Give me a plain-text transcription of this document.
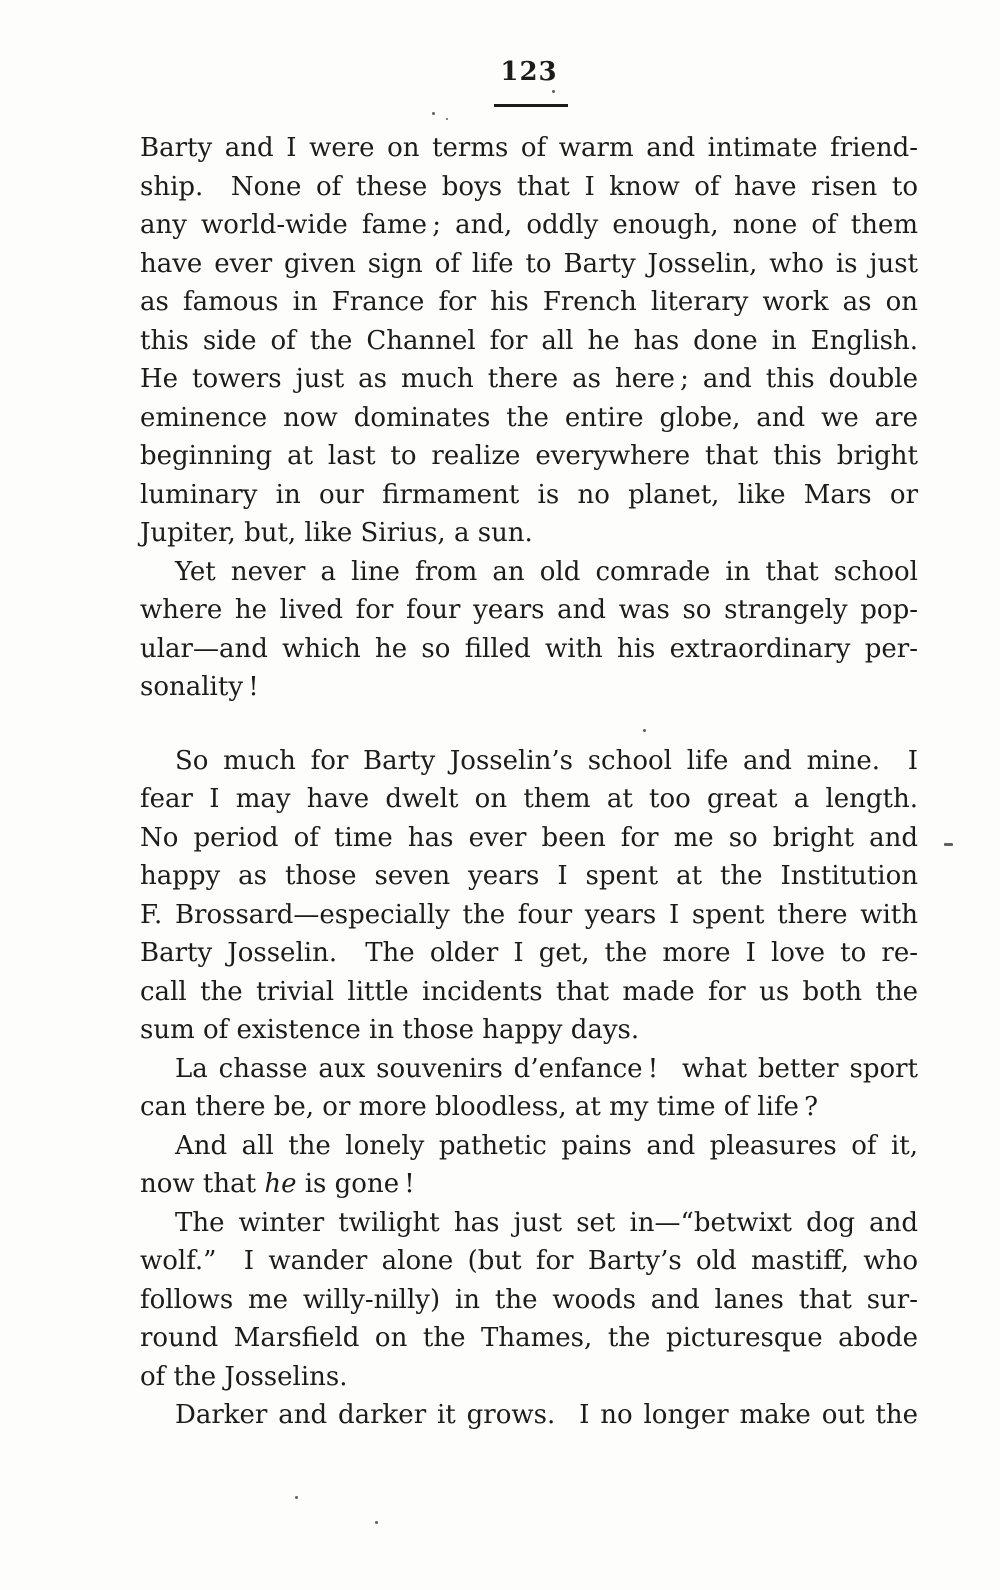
123
Barty and I were on terms of warm and intimate friend-
ship.  None of these boys that I know of have risen to
any world-wide fame ; and, oddly enough, none of them
have ever given sign of life to Barty Josselin, who is just
as famous in France for his French literary work as on
this side of the Channel for all he has done in English.
He towers just as much there as here ; and this double
eminence now dominates the entire globe, and we are
beginning at last to realize everywhere that this bright
luminary in our firmament is no planet, like Mars or
Jupiter, but, like Sirius, a sun.
Yet never a line from an old comrade in that school
where he lived for four years and was so strangely pop-
ular—and which he so filled with his extraordinary per-
sonality !
So much for Barty Josselin’s school life and mine.  I
fear I may have dwelt on them at too great a length.
No period of time has ever been for me so bright and
happy as those seven years I spent at the Institution
F. Brossard—especially the four years I spent there with
Barty Josselin.  The older I get, the more I love to re-
call the trivial little incidents that made for us both the
sum of existence in those happy days.
La chasse aux souvenirs d’enfance !  what better sport
can there be, or more bloodless, at my time of life ?
And all the lonely pathetic pains and pleasures of it,
now that he is gone !
The winter twilight has just set in—“betwixt dog and
wolf.”  I wander alone (but for Barty’s old mastiff, who
follows me willy-nilly) in the woods and lanes that sur-
round Marsfield on the Thames, the picturesque abode
of the Josselins.
Darker and darker it grows.  I no longer make out the
